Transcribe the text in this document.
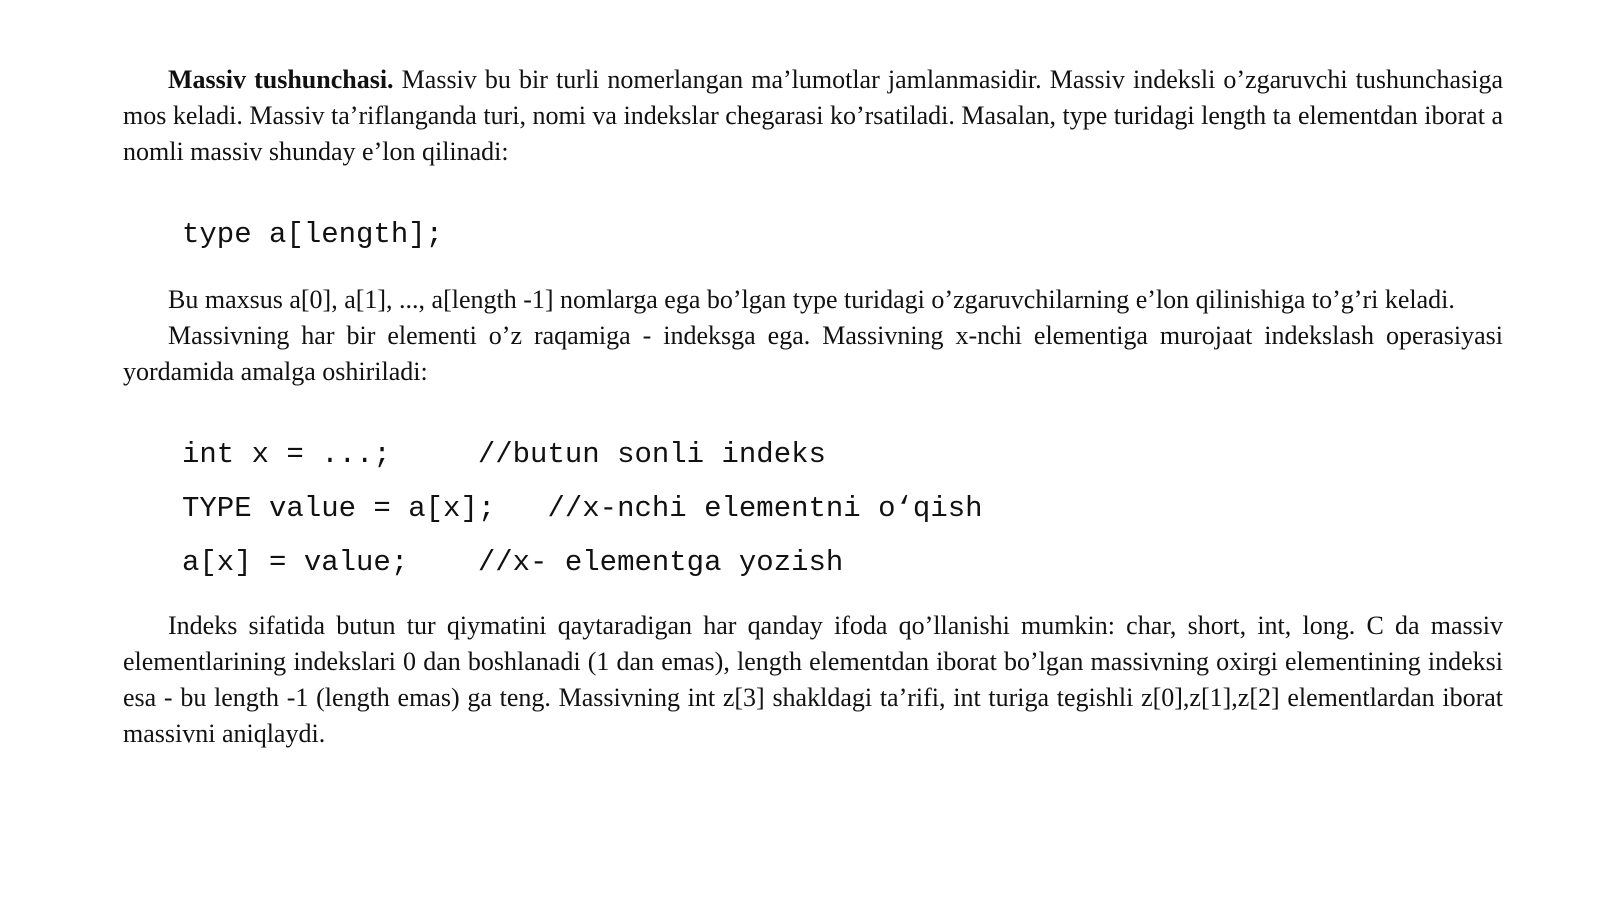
Massiv tushunchasi. Massiv bu bir turli nomerlangan ma’lumotlar jamlanmasidir. Massiv indeksli o’zgaruvchi tushunchasiga mos keladi. Massiv ta’riflanganda turi, nomi va indekslar chegarasi ko’rsatiladi. Masalan, type turidagi length ta elementdan iborat a nomli massiv shunday e’lon qilinadi:

type a[length];

Bu maxsus a[0], a[1], ..., a[length -1] nomlarga ega bo’lgan type turidagi o’zgaruvchilarning e’lon qilinishiga to’g’ri keladi.

Massivning har bir elementi o’z raqamiga - indeksga ega. Massivning x-nchi elementiga murojaat indekslash operasiyasi yordamida amalga oshiriladi:

int x = ...;     //butun sonli indeks
TYPE value = a[x];   //x-nchi elementni o‘qish
a[x] = value;    //x- elementga yozish

Indeks sifatida butun tur qiymatini qaytaradigan har qanday ifoda qo’llanishi mumkin: char, short, int, long. C da massiv elementlarining indekslari 0 dan boshlanadi (1 dan emas), length elementdan iborat bo’lgan massivning oxirgi elementining indeksi esa - bu length -1 (length emas) ga teng. Massivning int z[3] shakldagi ta’rifi, int turiga tegishli z[0],z[1],z[2] elementlardan iborat massivni aniqlaydi.
